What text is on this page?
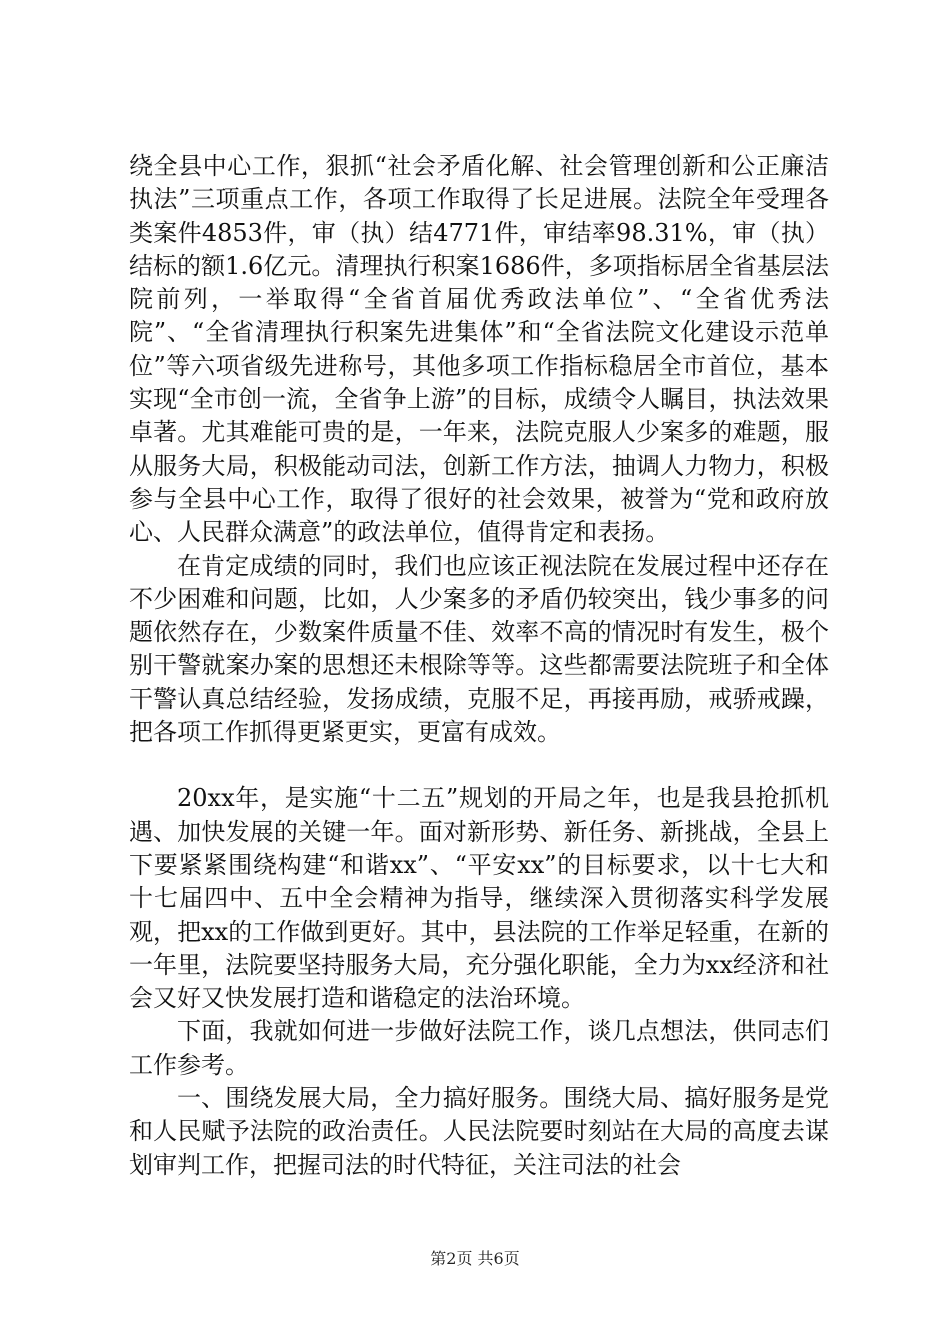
绕全县中心工作，狠抓“社会矛盾化解、社会管理创新和公正廉洁执法”三项重点工作，各项工作取得了长足进展。法院全年受理各类案件4853件，审（执）结4771件，审结率98.31%，审（执）结标的额1.6亿元。清理执行积案1686件，多项指标居全省基层法院前列，一举取得“全省首届优秀政法单位”、“全省优秀法院”、“全省清理执行积案先进集体”和“全省法院文化建设示范单位”等六项省级先进称号，其他多项工作指标稳居全市首位，基本实现“全市创一流，全省争上游”的目标，成绩令人瞩目，执法效果卓著。尤其难能可贵的是，一年来，法院克服人少案多的难题，服从服务大局，积极能动司法，创新工作方法，抽调人力物力，积极参与全县中心工作，取得了很好的社会效果，被誉为“党和政府放心、人民群众满意”的政法单位，值得肯定和表扬。

在肯定成绩的同时，我们也应该正视法院在发展过程中还存在不少困难和问题，比如，人少案多的矛盾仍较突出，钱少事多的问题依然存在，少数案件质量不佳、效率不高的情况时有发生，极个别干警就案办案的思想还未根除等等。这些都需要法院班子和全体干警认真总结经验，发扬成绩，克服不足，再接再励，戒骄戒躁，把各项工作抓得更紧更实，更富有成效。

20xx年，是实施“十二五”规划的开局之年，也是我县抢抓机遇、加快发展的关键一年。面对新形势、新任务、新挑战，全县上下要紧紧围绕构建“和谐xx”、“平安xx”的目标要求，以十七大和十七届四中、五中全会精神为指导，继续深入贯彻落实科学发展观，把xx的工作做到更好。其中，县法院的工作举足轻重，在新的一年里，法院要坚持服务大局，充分强化职能，全力为xx经济和社会又好又快发展打造和谐稳定的法治环境。

下面，我就如何进一步做好法院工作，谈几点想法，供同志们工作参考。

一、围绕发展大局，全力搞好服务。围绕大局、搞好服务是党和人民赋予法院的政治责任。人民法院要时刻站在大局的高度去谋划审判工作，把握司法的时代特征，关注司法的社会

第2页 共6页
